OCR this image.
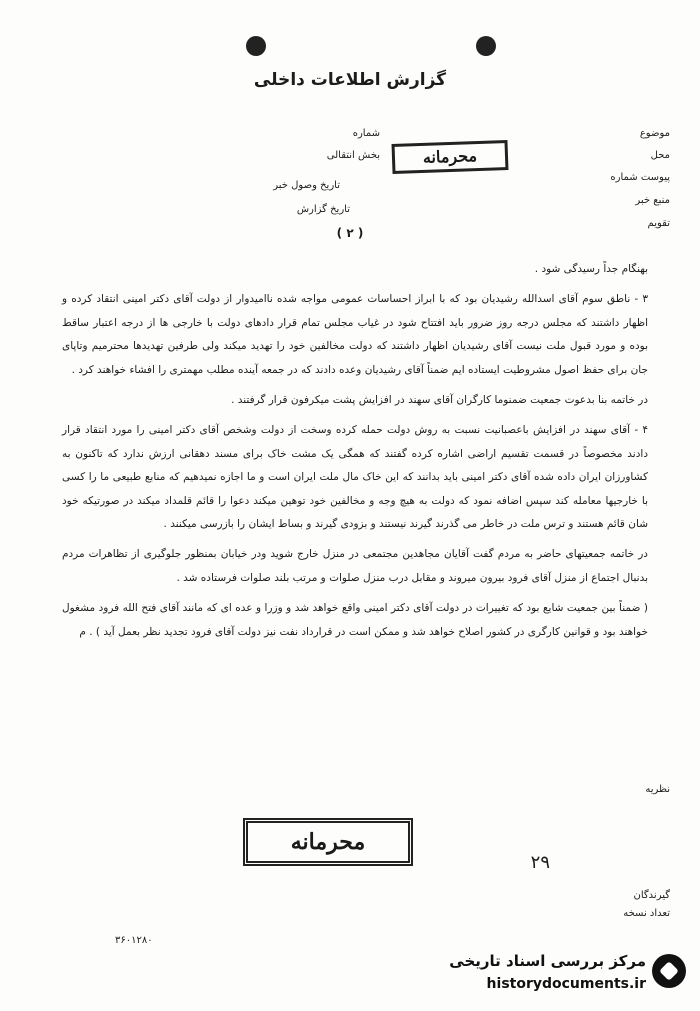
گزارش اطلاعات داخلی
موضوع
محل
پیوست شماره
منبع خبر
تقویم
شماره
بخش انتقالی
تاریخ وصول خبر
تاریخ گزارش
محرمانه
( ۲ )

بهنگام جداً رسیدگی شود .

۳ - ناطق سوم آقای اسدالله رشیدیان بود که با ابراز احساسات عمومی مواجه شده ناامیدوار از دولت آقای دکتر امینی انتقاد کرده و اظهار داشتند که مجلس درجه روز ضرور باید افتتاح شود در غیاب مجلس تمام قرار دادهای دولت با خارجی ها از درجه اعتبار ساقط بوده و مورد قبول ملت نیست آقای رشیدیان اظهار داشتند که دولت مخالفین خود را تهدید میکند ولی طرفین تهدیدها محترمیم وتاپای جان برای حفظ اصول مشروطیت ایستاده ایم ضمناً آقای رشیدیان وعده دادند که در جمعه آینده مطلب مهمتری را افشاء خواهند کرد .

در خاتمه بنا بدعوت جمعیت ضمنوما کارگران آقای سهند در افزایش پشت میکرفون قرار گرفتند .

۴ - آقای سهند در افزایش باعصبانیت نسبت به روش دولت حمله کرده وسخت از دولت وشخص آقای دکتر امینی را مورد انتقاد قرار دادند مخصوصاً در قسمت تقسیم اراضی اشاره کرده گفتند که همگی یک مشت خاک برای مسند دهقانی ارزش ندارد که تاکنون به کشاورزان ایران داده شده آقای دکتر امینی باید بدانند که این خاک مال ملت ایران است و ما اجازه نمیدهیم که منابع طبیعی ما را کسی با خارجیها معامله کند سپس اضافه نمود که دولت به هیچ وجه و مخالفین خود توهین میکند دعوا را قائم قلمداد میکند در صورتیکه خود شان قائم هستند و ترس ملت در خاطر می گذرند گیرند نیستند و بزودی گیرند و بساط ایشان را بازرسی میکنند .

در خاتمه جمعیتهای حاضر به مردم گفت آقایان مجاهدین مجتمعی در منزل خارج شوید ودر خیابان بمنظور جلوگیری از تظاهرات مردم بدنبال اجتماع از منزل آقای فرود بیرون میروند و مقابل درب منزل صلوات و مرتب بلند صلوات فرستاده شد .

( ضمناً بین جمعیت شایع بود که تغییرات در دولت آقای دکتر امینی واقع خواهد شد و وزرا و عده ای که مانند آقای فتح الله فرود مشغول خواهند بود و قوانین کارگری در کشور اصلاح خواهد شد و ممکن است در قرارداد نفت نیز دولت آقای فرود تجدید نظر بعمل آید ) . م

نظریه
محرمانه
۲۹
گیرندگان
تعداد نسخه
۳۶۰۱۲۸۰
مرکز بررسی اسناد تاریخی
historydocuments.ir
